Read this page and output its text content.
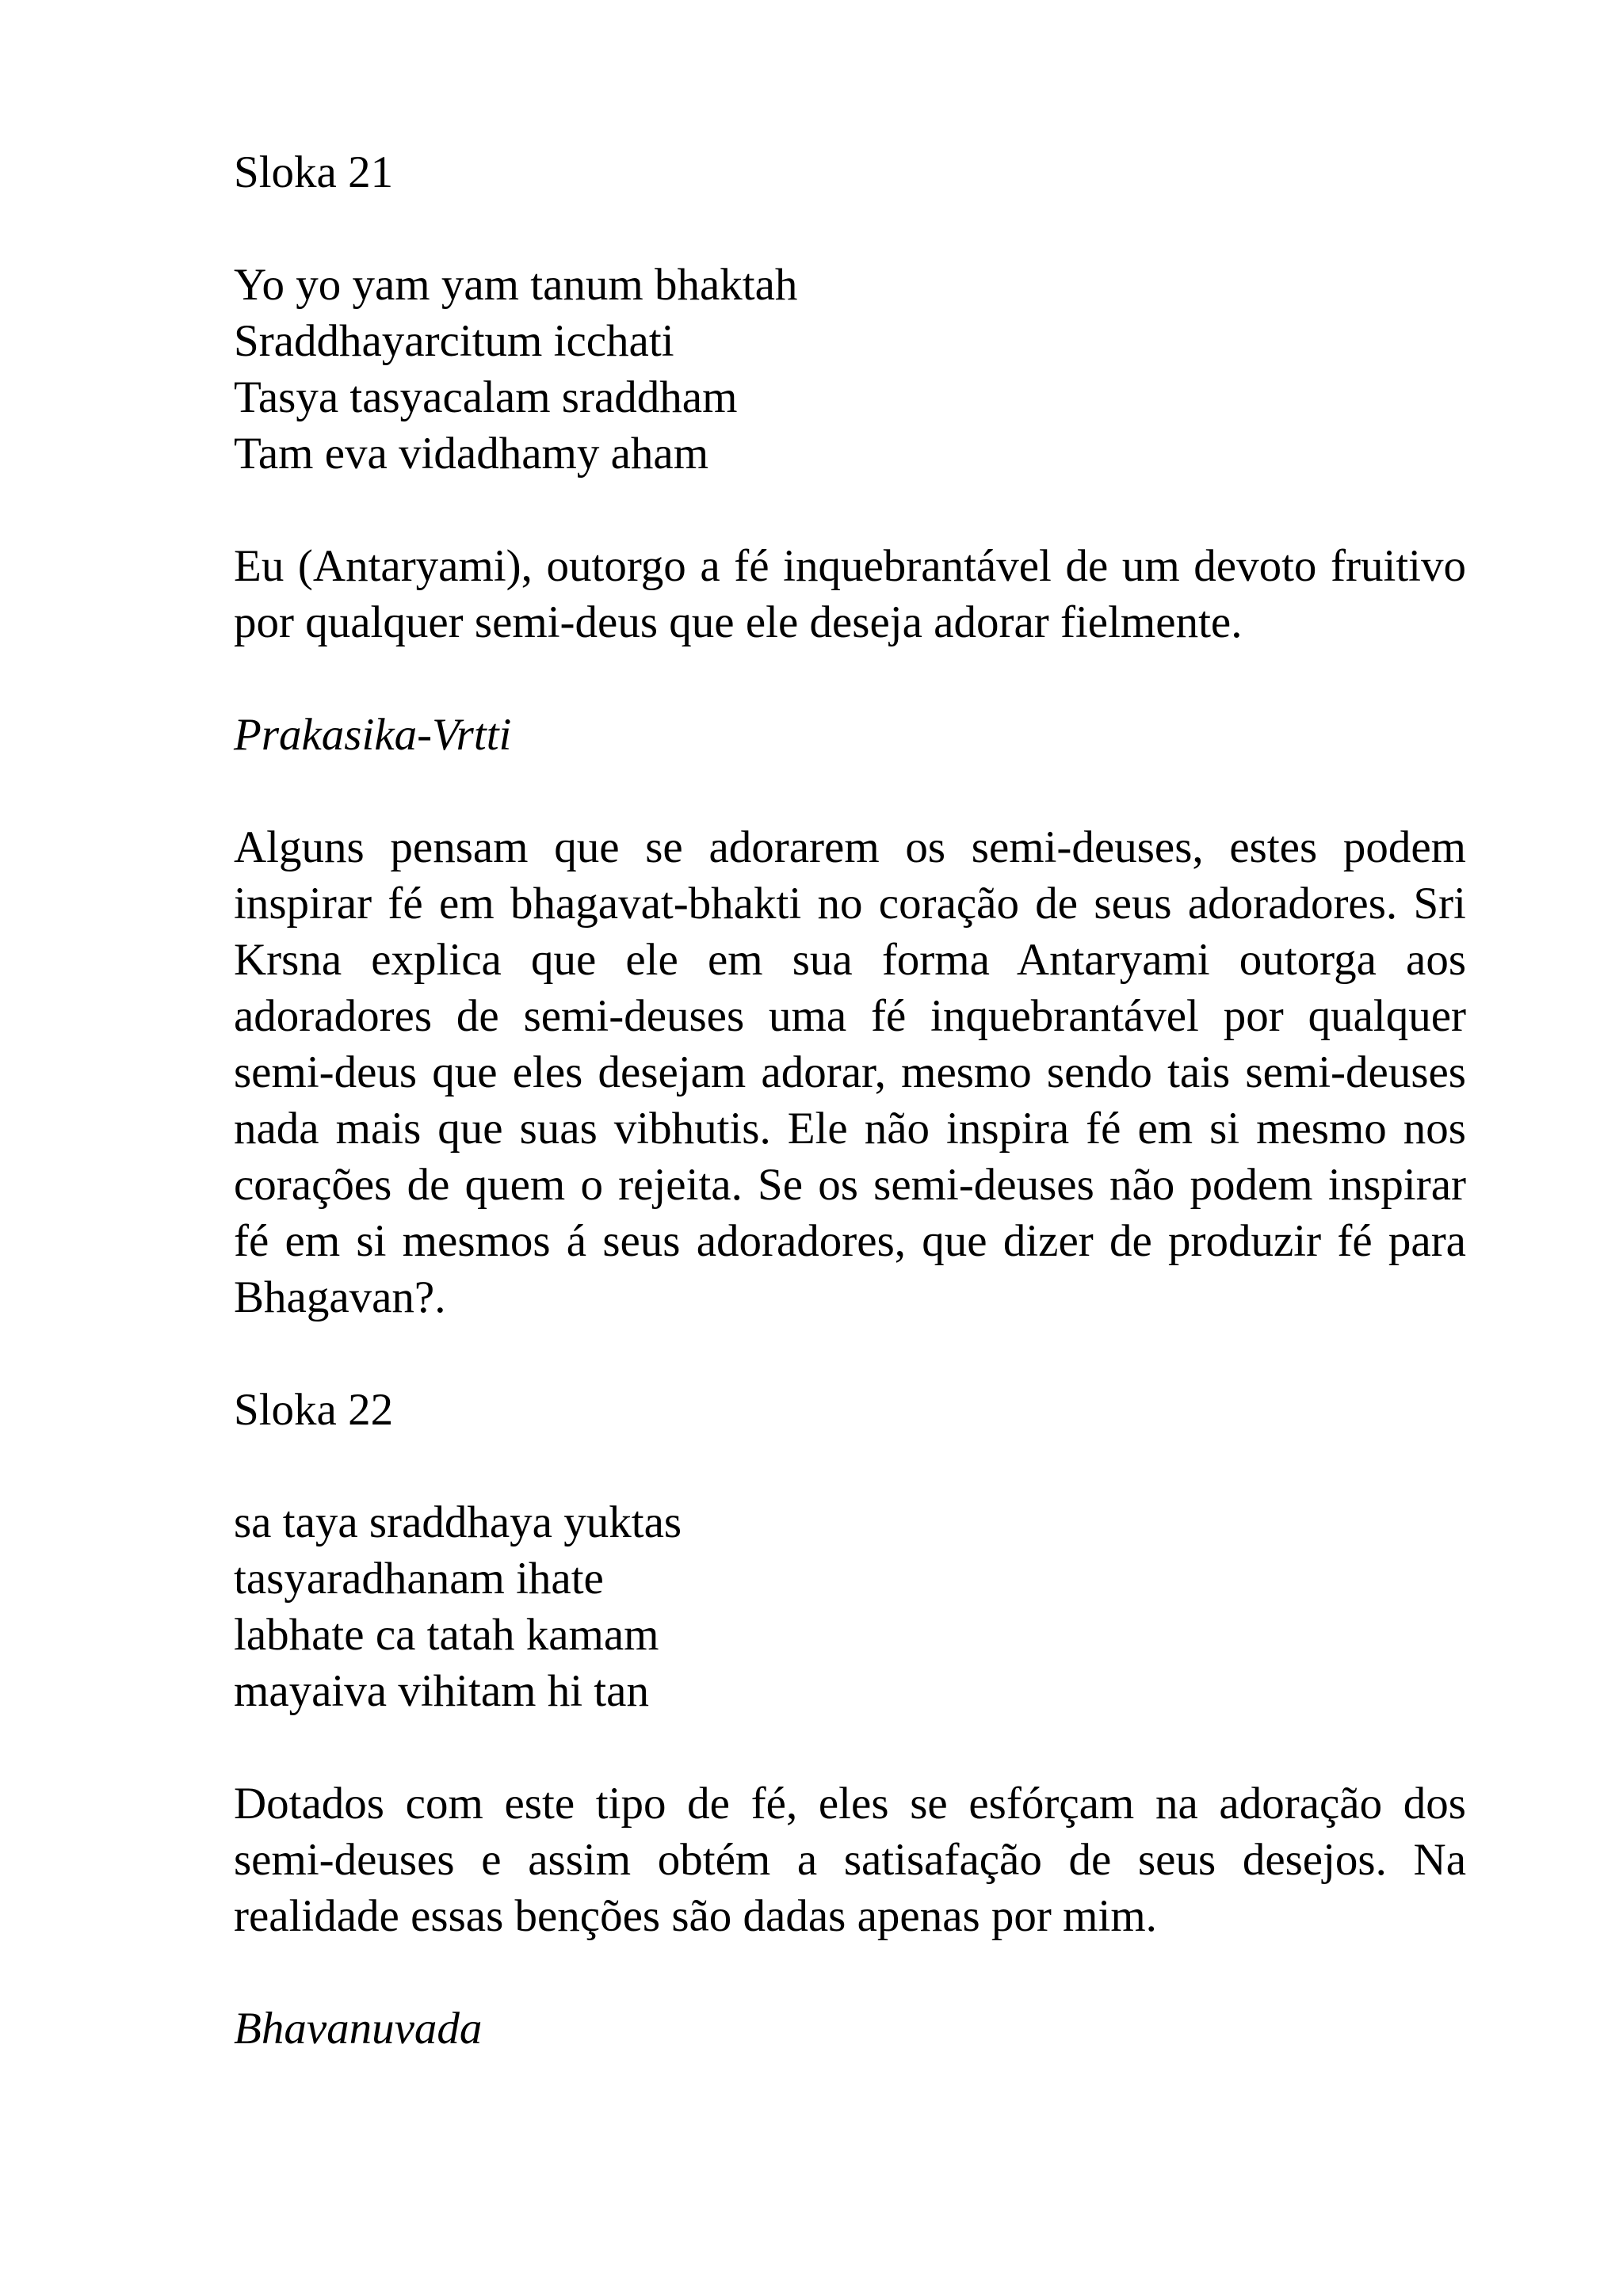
Sloka 21

Yo yo yam yam tanum bhaktah
Sraddhayarcitum icchati
Tasya tasyacalam sraddham
Tam eva vidadhamy aham

Eu (Antaryami), outorgo a fé inquebrantável de um devoto fruitivo por qualquer semi-deus que ele deseja adorar fielmente.

Prakasika-Vrtti

Alguns pensam que se adorarem os semi-deuses, estes podem inspirar fé em bhagavat-bhakti no coração de seus adoradores. Sri Krsna explica que ele em sua forma Antaryami outorga aos adoradores de semi-deuses uma fé inquebrantável por qualquer semi-deus que eles desejam adorar, mesmo sendo tais semi-deuses nada mais que suas vibhutis. Ele não inspira fé em si mesmo nos corações de quem o rejeita. Se os semi-deuses não podem inspirar fé em si mesmos á seus adoradores, que dizer de produzir fé para Bhagavan?.

Sloka 22

sa taya sraddhaya yuktas
tasyaradhanam ihate
labhate ca tatah kamam
mayaiva vihitam hi tan

Dotados com este tipo de fé, eles se esfórçam na adoração dos semi-deuses e assim obtém a satisafação de seus desejos. Na realidade essas benções são dadas apenas por mim.

Bhavanuvada
